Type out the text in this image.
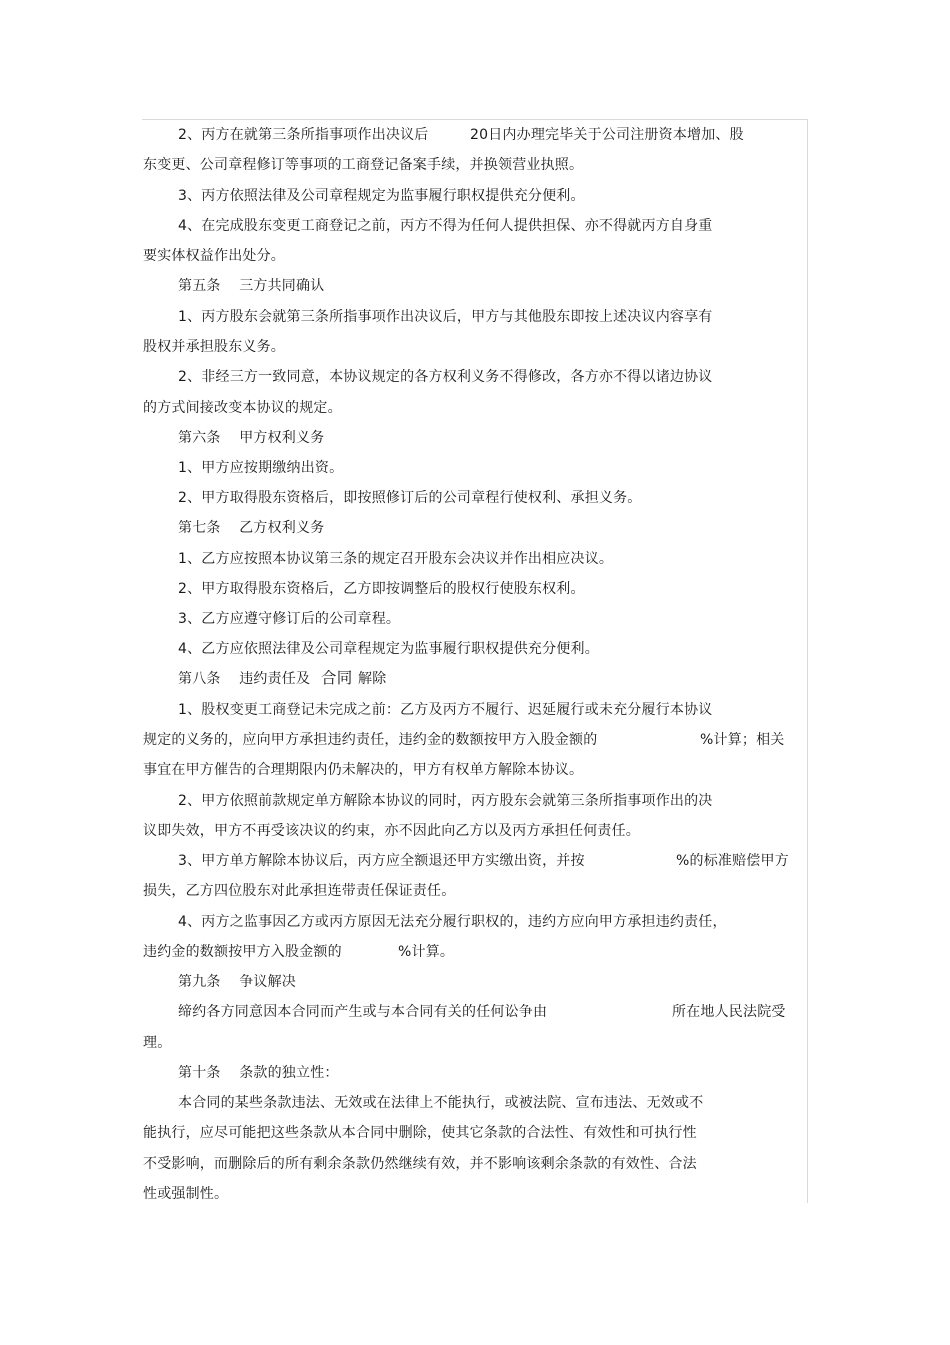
2、丙方在就第三条所指事项作出决议后	20日内办理完毕关于公司注册资本增加、股

东变更、公司章程修订等事项的工商登记备案手续，并换领营业执照。

3、丙方依照法律及公司章程规定为监事履行职权提供充分便利。

4、在完成股东变更工商登记之前，丙方不得为任何人提供担保、亦不得就丙方自身重

要实体权益作出处分。

第五条    三方共同确认

1、丙方股东会就第三条所指事项作出决议后，甲方与其他股东即按上述决议内容享有

股权并承担股东义务。

2、非经三方一致同意，本协议规定的各方权利义务不得修改，各方亦不得以诸边协议

的方式间接改变本协议的规定。

第六条    甲方权利义务

1、甲方应按期缴纳出资。

2、甲方取得股东资格后，即按照修订后的公司章程行使权利、承担义务。

第七条    乙方权利义务

1、乙方应按照本协议第三条的规定召开股东会决议并作出相应决议。

2、甲方取得股东资格后，乙方即按调整后的股权行使股东权利。

3、乙方应遵守修订后的公司章程。

4、乙方应依照法律及公司章程规定为监事履行职权提供充分便利。

第八条    违约责任及 合同 解除

1、股权变更工商登记未完成之前：乙方及丙方不履行、迟延履行或未充分履行本协议

规定的义务的，应向甲方承担违约责任，违约金的数额按甲方入股金额的	%计算；相关

事宜在甲方催告的合理期限内仍未解决的，甲方有权单方解除本协议。

2、甲方依照前款规定单方解除本协议的同时，丙方股东会就第三条所指事项作出的决

议即失效，甲方不再受该决议的约束，亦不因此向乙方以及丙方承担任何责任。

3、甲方单方解除本协议后，丙方应全额退还甲方实缴出资，并按	%的标准赔偿甲方

损失，乙方四位股东对此承担连带责任保证责任。

4、丙方之监事因乙方或丙方原因无法充分履行职权的，违约方应向甲方承担违约责任，

违约金的数额按甲方入股金额的	%计算。

第九条    争议解决

缔约各方同意因本合同而产生或与本合同有关的任何讼争由	所在地人民法院受

理。

第十条    条款的独立性：

本合同的某些条款违法、无效或在法律上不能执行，或被法院、宣布违法、无效或不

能执行，应尽可能把这些条款从本合同中删除，使其它条款的合法性、有效性和可执行性

不受影响，而删除后的所有剩余条款仍然继续有效，并不影响该剩余条款的有效性、合法

性或强制性。
